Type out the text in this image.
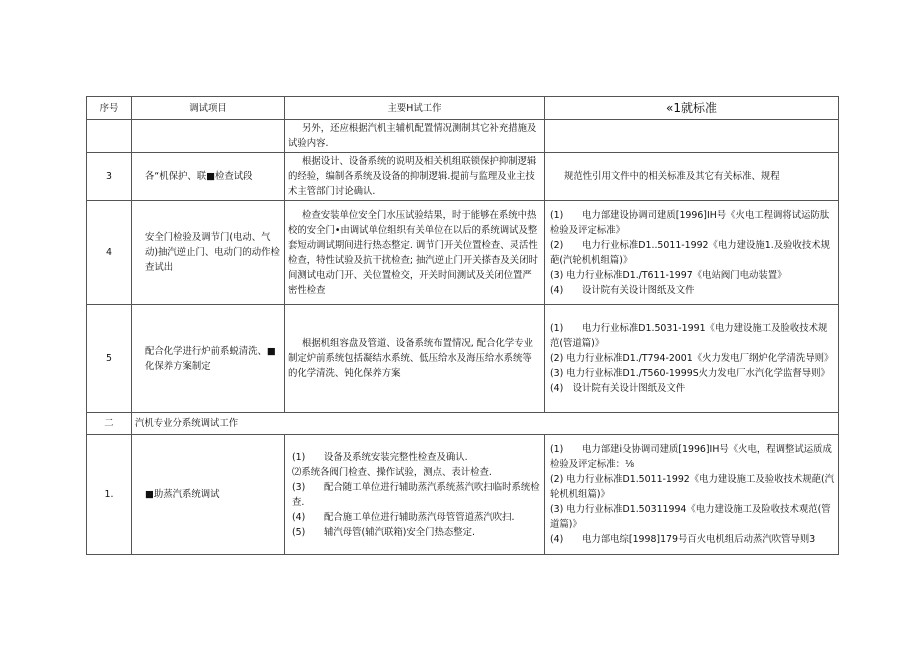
序号	调试项目	主要H试工作	«1就标准

		另外，还应根据汽机主辅机配置情况测制其它补充措施及试验内容.	

3	各“机保护、联■检查试段	根据设计、设备系统的说明及相关机组联锁保护抑制逻辑的经验，编制各系统及设备的抑制逻辑.提前与监理及业主技术主管部门讨论确认.	规范性引用文件中的相关标准及其它有关标准、规程

4	安全门检验及调节门(电动、气动)抽汽逆止门、电动门的动作检查试出	检查安装单位安全门水压试验结果，时于能够在系统中热校的安全门•由调试单位组织有关单位在以后的系统调试及整套短动调试期间进行热态整定. 调节门开关位置检查、灵活性检查，特性试验及抗干扰检查; 抽汽逆止门开关搽杳及关闭时间测试电动门开、关位置检交，开关时间测试及关闭位置严密性检查	(1)　　电力部建设协调司建质[1996]IH号《火电工程调将试运防肽检验及评定标准》
(2)　　电力行业标准D1..5011-1992《电力建设施1.及验收技术规葩(汽轮机机组篇)》
(3) 电力行业标准D1./T611-1997《电站阀门电动装置》
(4)　　设计院有关设计图纸及文件

5	配合化学进行炉前系蜕清洗、■化保养方案制定	根据机组容盘及管道、设备系统布置情况, 配合化学专业制定炉前系统包括凝结水系统、低压给水及海压给水系统等的化学清洗、钝化保养方案	(1)　　电力行业标准D1.5031-1991《电力建设施工及脸收技术规范(管道篇)》
(2) 电力行业标准D1./T794-2001《火力发电厂纲炉化学清洗导则》
(3) 电力行业标准D1./T560-1999S火力发电厂水汽化学监督导则》
(4)　设计院有关设计图纸及文件

二	汽机专业分系统调试工作		
1.	■助蒸汽系统调试	(1)　　设备及系统安装完整性检查及确认.
⑵系统各阀门检查、操作试验，测点、表计检查.
(3)　　配合随工单位进行辅助蒸汽系统蒸汽吹扫临时系统检查.
(4)　　配合施工单位进行辅助蒸汽母管管道蒸汽吹扫.
(5)　　辅汽母管(辅汽联箱)安全门热态整定.	(1)　　电力部建i殳协调司建质[1996]IH号《火电，程调整试运质成检验及评定标准：⅛
(2) 电力行业标准D1.5011-1992《电力建设施工及验收技术规葩(汽轮机机组篇)》
(3) 电力行业标准D1.50311994《电力建设施工及险收技术观范(管道篇)》
(4)　　电力部电综[1998]179号百火电机组后动蒸汽吹管导则3
